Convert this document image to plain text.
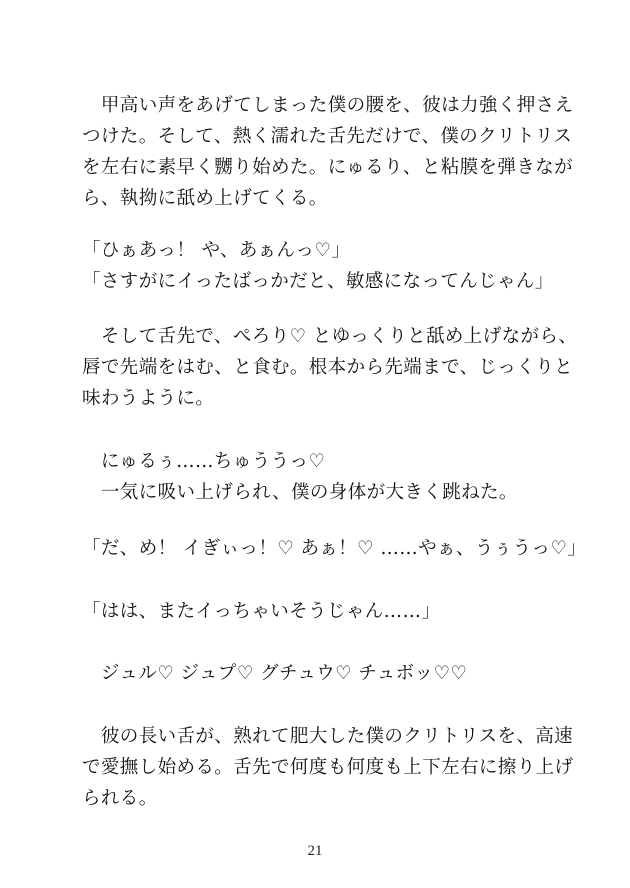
　甲高い声をあげてしまった僕の腰を、彼は力強く押さえ
つけた。そして、熱く濡れた舌先だけで、僕のクリトリス
を左右に素早く嬲り始めた。にゅるり、と粘膜を弾きなが
ら、執拗に舐め上げてくる。
「ひぁあっ！ や、あぁんっ♡」
「さすがにイったばっかだと、敏感になってんじゃん」
　そして舌先で、ぺろり♡ とゆっくりと舐め上げながら、
唇で先端をはむ、と食む。根本から先端まで、じっくりと
味わうように。
　にゅるぅ……ちゅううっ♡
　一気に吸い上げられ、僕の身体が大きく跳ねた。
「だ、め！ イぎぃっ！♡ あぁ！♡ ……やぁ、うぅうっ♡」
「はは、またイっちゃいそうじゃん……」
　ジュル♡ ジュプ♡ グチュウ♡ チュボッ♡♡
　彼の長い舌が、熟れて肥大した僕のクリトリスを、高速
で愛撫し始める。舌先で何度も何度も上下左右に擦り上げ
られる。
21
